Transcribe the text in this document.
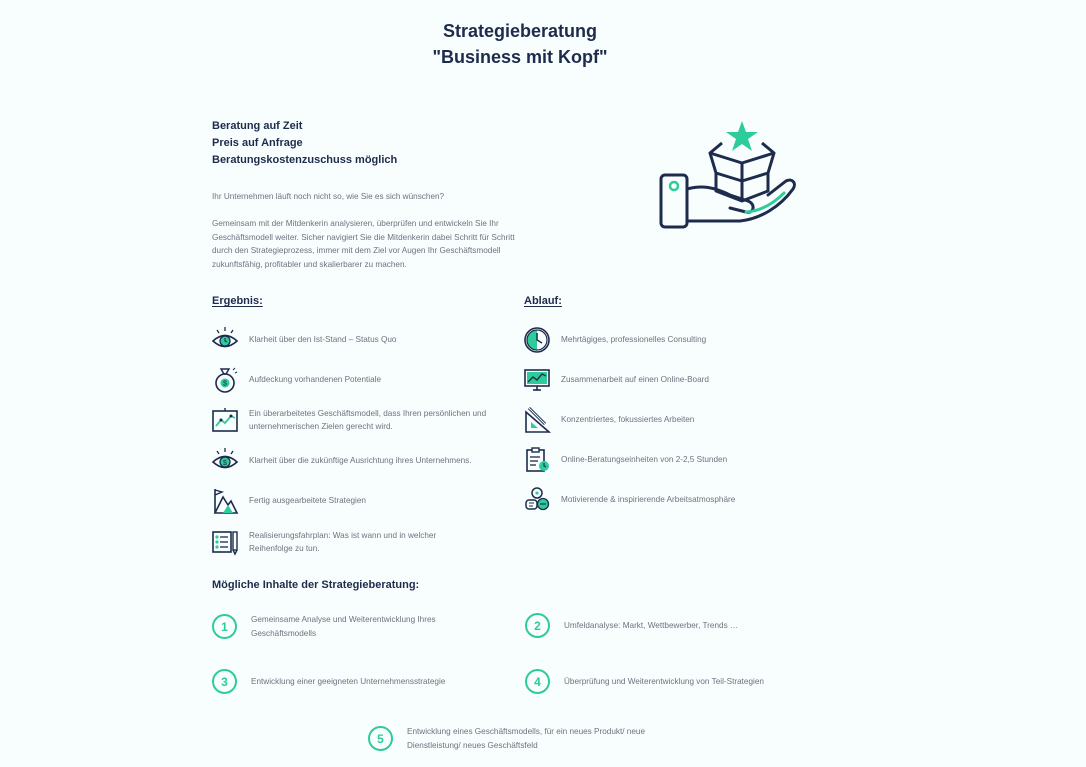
Strategieberatung
"Business mit Kopf"
Beratung auf Zeit
Preis auf Anfrage
Beratungskostenzuschuss möglich
Ihr Unternehmen läuft noch nicht so, wie Sie es sich wünschen?
Gemeinsam mit der Mitdenkerin analysieren, überprüfen und entwickeln Sie Ihr Geschäftsmodell weiter. Sicher navigiert Sie die Mitdenkerin dabei Schritt für Schritt durch den Strategieprozess, immer mit dem Ziel vor Augen Ihr Geschäftsmodell zukunftsfähig, profitabler und skalierbarer zu machen.
Ergebnis:	Ablauf:
Klarheit über den Ist-Stand – Status Quo
$	Aufdeckung vorhandenen Potentiale
Ein überarbeitetes Geschäftsmodell, dass Ihren persönlichen und unternehmerischen Zielen gerecht wird.
$	Klarheit über die zukünftige Ausrichtung ihres Unternehmens.
Fertig ausgearbeitete Strategien
Realisierungsfahrplan: Was ist wann und in welcher Reihenfolge zu tun.
Mehrtägiges, professionelles Consulting
Zusammenarbeit auf einen Online-Board
Konzentriertes, fokussiertes Arbeiten
Online-Beratungseinheiten von 2-2,5 Stunden
Motivierende & inspirierende Arbeitsatmosphäre
Mögliche Inhalte der Strategieberatung:
1	Gemeinsame Analyse und Weiterentwicklung Ihres Geschäftsmodells
2	Umfeldanalyse: Markt, Wettbewerber, Trends …
3	Entwicklung einer geeigneten Unternehmensstrategie	4	Überprüfung und Weiterentwicklung von Teil-Strategien
5	Entwicklung eines Geschäftsmodells, für ein neues Produkt/ neue Dienstleistung/ neues Geschäftsfeld
